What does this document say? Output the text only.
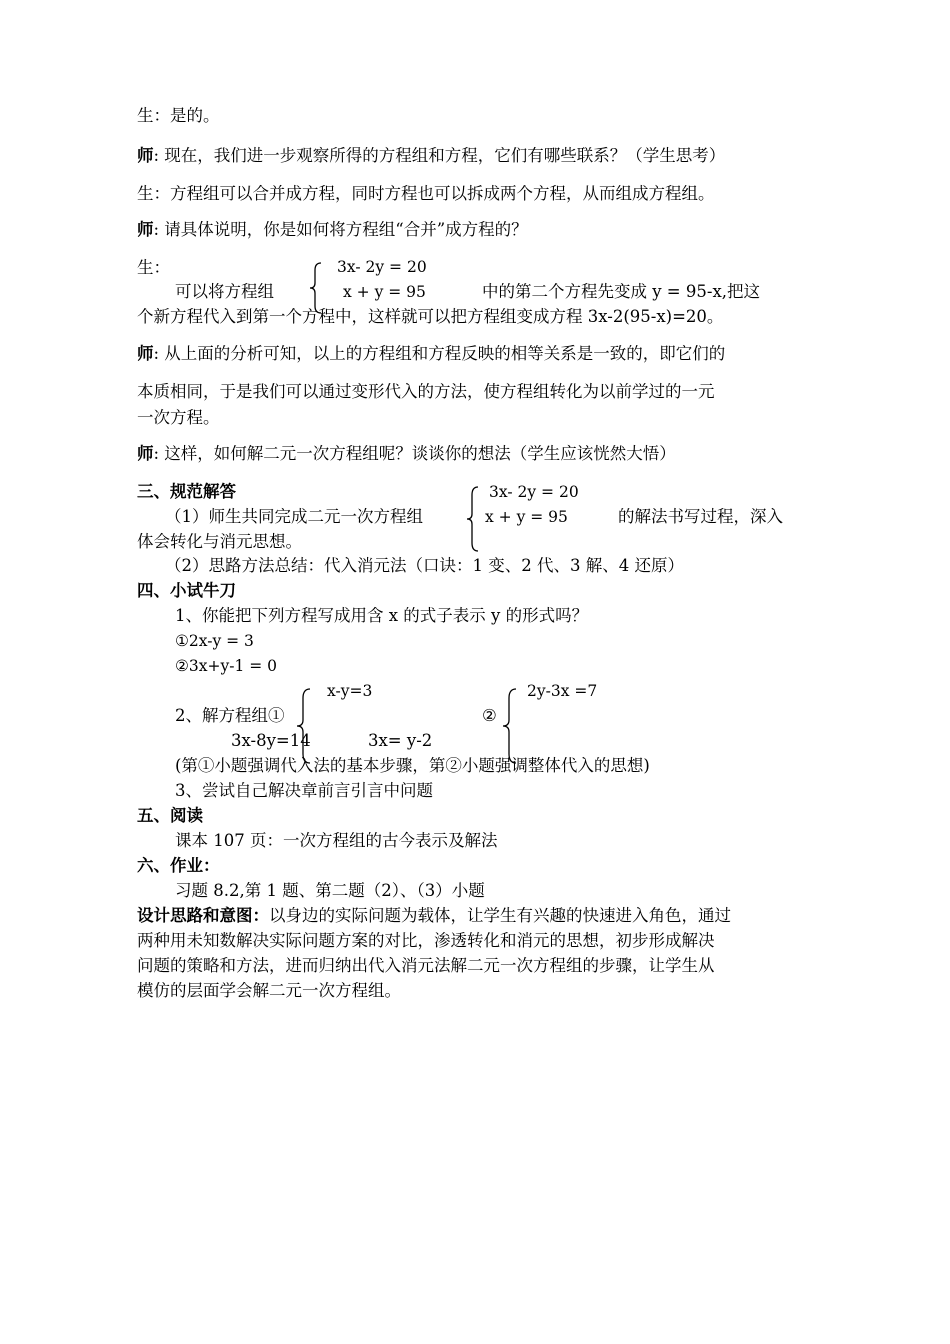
生：是的。
师: 现在，我们进一步观察所得的方程组和方程，它们有哪些联系？（学生思考）
生：方程组可以合并成方程，同时方程也可以拆成两个方程，从而组成方程组。
师: 请具体说明，你是如何将方程组“合并”成方程的？
生：	3x- 2y = 20
x + y = 95
可以将方程组	中的第二个方程先变成 y = 95-x,把这
个新方程代入到第一个方程中，这样就可以把方程组变成方程 3x-2(95-x)=20。
师: 从上面的分析可知，以上的方程组和方程反映的相等关系是一致的，即它们的
本质相同，于是我们可以通过变形代入的方法，使方程组转化为以前学过的一元
一次方程。
师: 这样，如何解二元一次方程组呢？谈谈你的想法（学生应该恍然大悟）
三、规范解答	3x- 2y = 20
x + y = 95
（1）师生共同完成二元一次方程组	的解法书写过程，深入
体会转化与消元思想。
（2）思路方法总结：代入消元法（口诀：1 变、2 代、3 解、4 还原）
四、小试牛刀
1、你能把下列方程写成用含 x 的式子表示 y 的形式吗？
①2x-y = 3
②3x+y-1 = 0
x-y=3	2y-3x =7
2、解方程组①	②
3x-8y=14	3x= y-2
(第①小题强调代入法的基本步骤，第②小题强调整体代入的思想)
3、尝试自己解决章前言引言中问题
五、阅读
课本 107 页：一次方程组的古今表示及解法
六、作业：
习题 8.2,第 1 题、第二题（2）、（3）小题
设计思路和意图：以身边的实际问题为载体，让学生有兴趣的快速进入角色，通过
两种用未知数解决实际问题方案的对比，渗透转化和消元的思想，初步形成解决
问题的策略和方法，进而归纳出代入消元法解二元一次方程组的步骤，让学生从
模仿的层面学会解二元一次方程组。
